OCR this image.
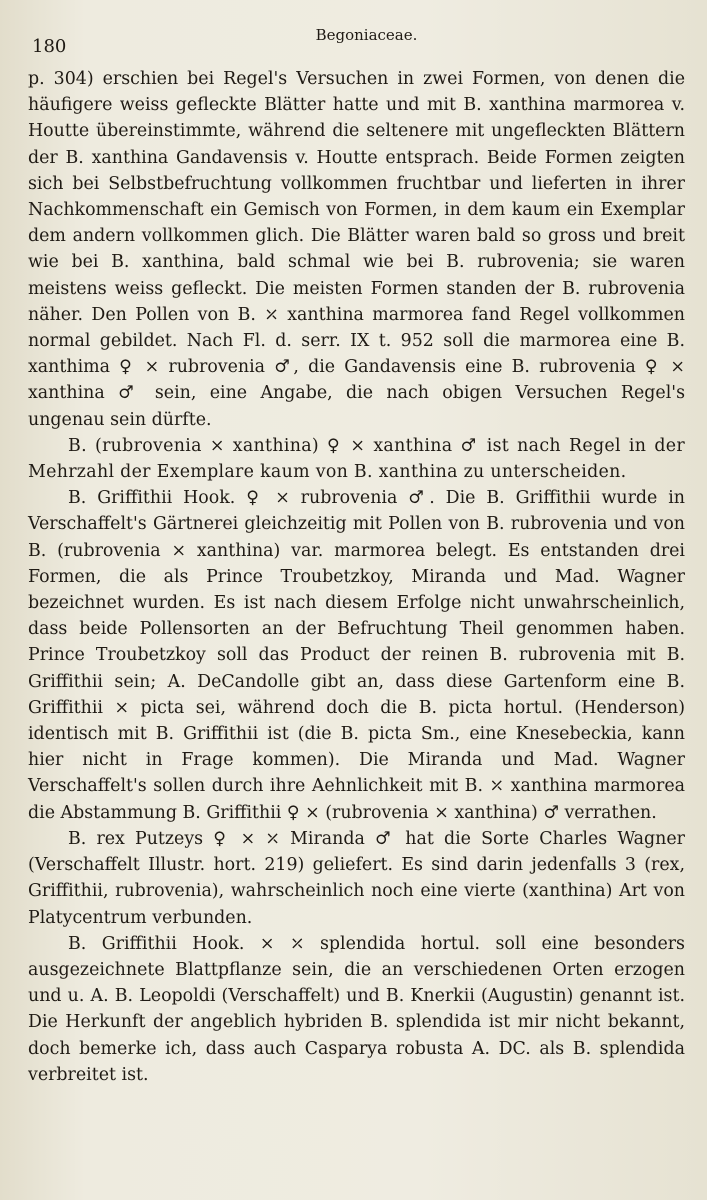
180
Begoniaceae.

p. 304) erschien bei Regel's Versuchen in zwei Formen, von denen die häufigere weiss gefleckte Blätter hatte und mit B. xanthina marmorea v. Houtte übereinstimmte, während die seltenere mit ungefleckten Blättern der B. xanthina Gandavensis v. Houtte entsprach. Beide Formen zeigten sich bei Selbstbefruchtung vollkommen fruchtbar und lieferten in ihrer Nachkommenschaft ein Gemisch von Formen, in dem kaum ein Exemplar dem andern vollkommen glich. Die Blätter waren bald so gross und breit wie bei B. xanthina, bald schmal wie bei B. rubrovenia; sie waren meistens weiss gefleckt. Die meisten Formen standen der B. rubrovenia näher. Den Pollen von B. ⤫ xanthina marmorea fand Regel vollkommen normal gebildet. Nach Fl. d. serr. IX t. 952 soll die marmorea eine B. xanthima ♀ ⨯ rubrovenia ♂, die Gandavensis eine B. rubrovenia ♀ ⨯ xanthina ♂ sein, eine Angabe, die nach obigen Versuchen Regel's ungenau sein dürfte.

B. (rubrovenia ⨯ xanthina) ♀ ⨯ xanthina ♂ ist nach Regel in der Mehrzahl der Exemplare kaum von B. xanthina zu unterscheiden.

B. Griffithii Hook. ♀ ⨯ rubrovenia ♂. Die B. Griffithii wurde in Verschaffelt's Gärtnerei gleichzeitig mit Pollen von B. rubrovenia und von B. (rubrovenia ⨯ xanthina) var. marmorea belegt. Es entstanden drei Formen, die als Prince Troubetzkoy, Miranda und Mad. Wagner bezeichnet wurden. Es ist nach diesem Erfolge nicht unwahrscheinlich, dass beide Pollensorten an der Befruchtung Theil genommen haben. Prince Troubetzkoy soll das Product der reinen B. rubrovenia mit B. Griffithii sein; A. DeCandolle gibt an, dass diese Gartenform eine B. Griffithii ⨯ picta sei, während doch die B. picta hortul. (Henderson) identisch mit B. Griffithii ist (die B. picta Sm., eine Knesebeckia, kann hier nicht in Frage kommen). Die Miranda und Mad. Wagner Verschaffelt's sollen durch ihre Aehnlichkeit mit B. ⤫ xanthina marmorea die Abstammung B. Griffithii ♀ ⨯ (rubrovenia ⨯ xanthina) ♂ verrathen.

B. rex Putzeys ♀ ⨯ ⤫ Miranda ♂ hat die Sorte Charles Wagner (Verschaffelt Illustr. hort. 219) geliefert. Es sind darin jedenfalls 3 (rex, Griffithii, rubrovenia), wahrscheinlich noch eine vierte (xanthina) Art von Platycentrum verbunden.

B. Griffithii Hook. ⨯ ⤫ splendida hortul. soll eine besonders ausgezeichnete Blattpflanze sein, die an verschiedenen Orten erzogen und u. A. B. Leopoldi (Verschaffelt) und B. Knerkii (Augustin) genannt ist. Die Herkunft der angeblich hybriden B. splendida ist mir nicht bekannt, doch bemerke ich, dass auch Casparya robusta A. DC. als B. splendida verbreitet ist.
